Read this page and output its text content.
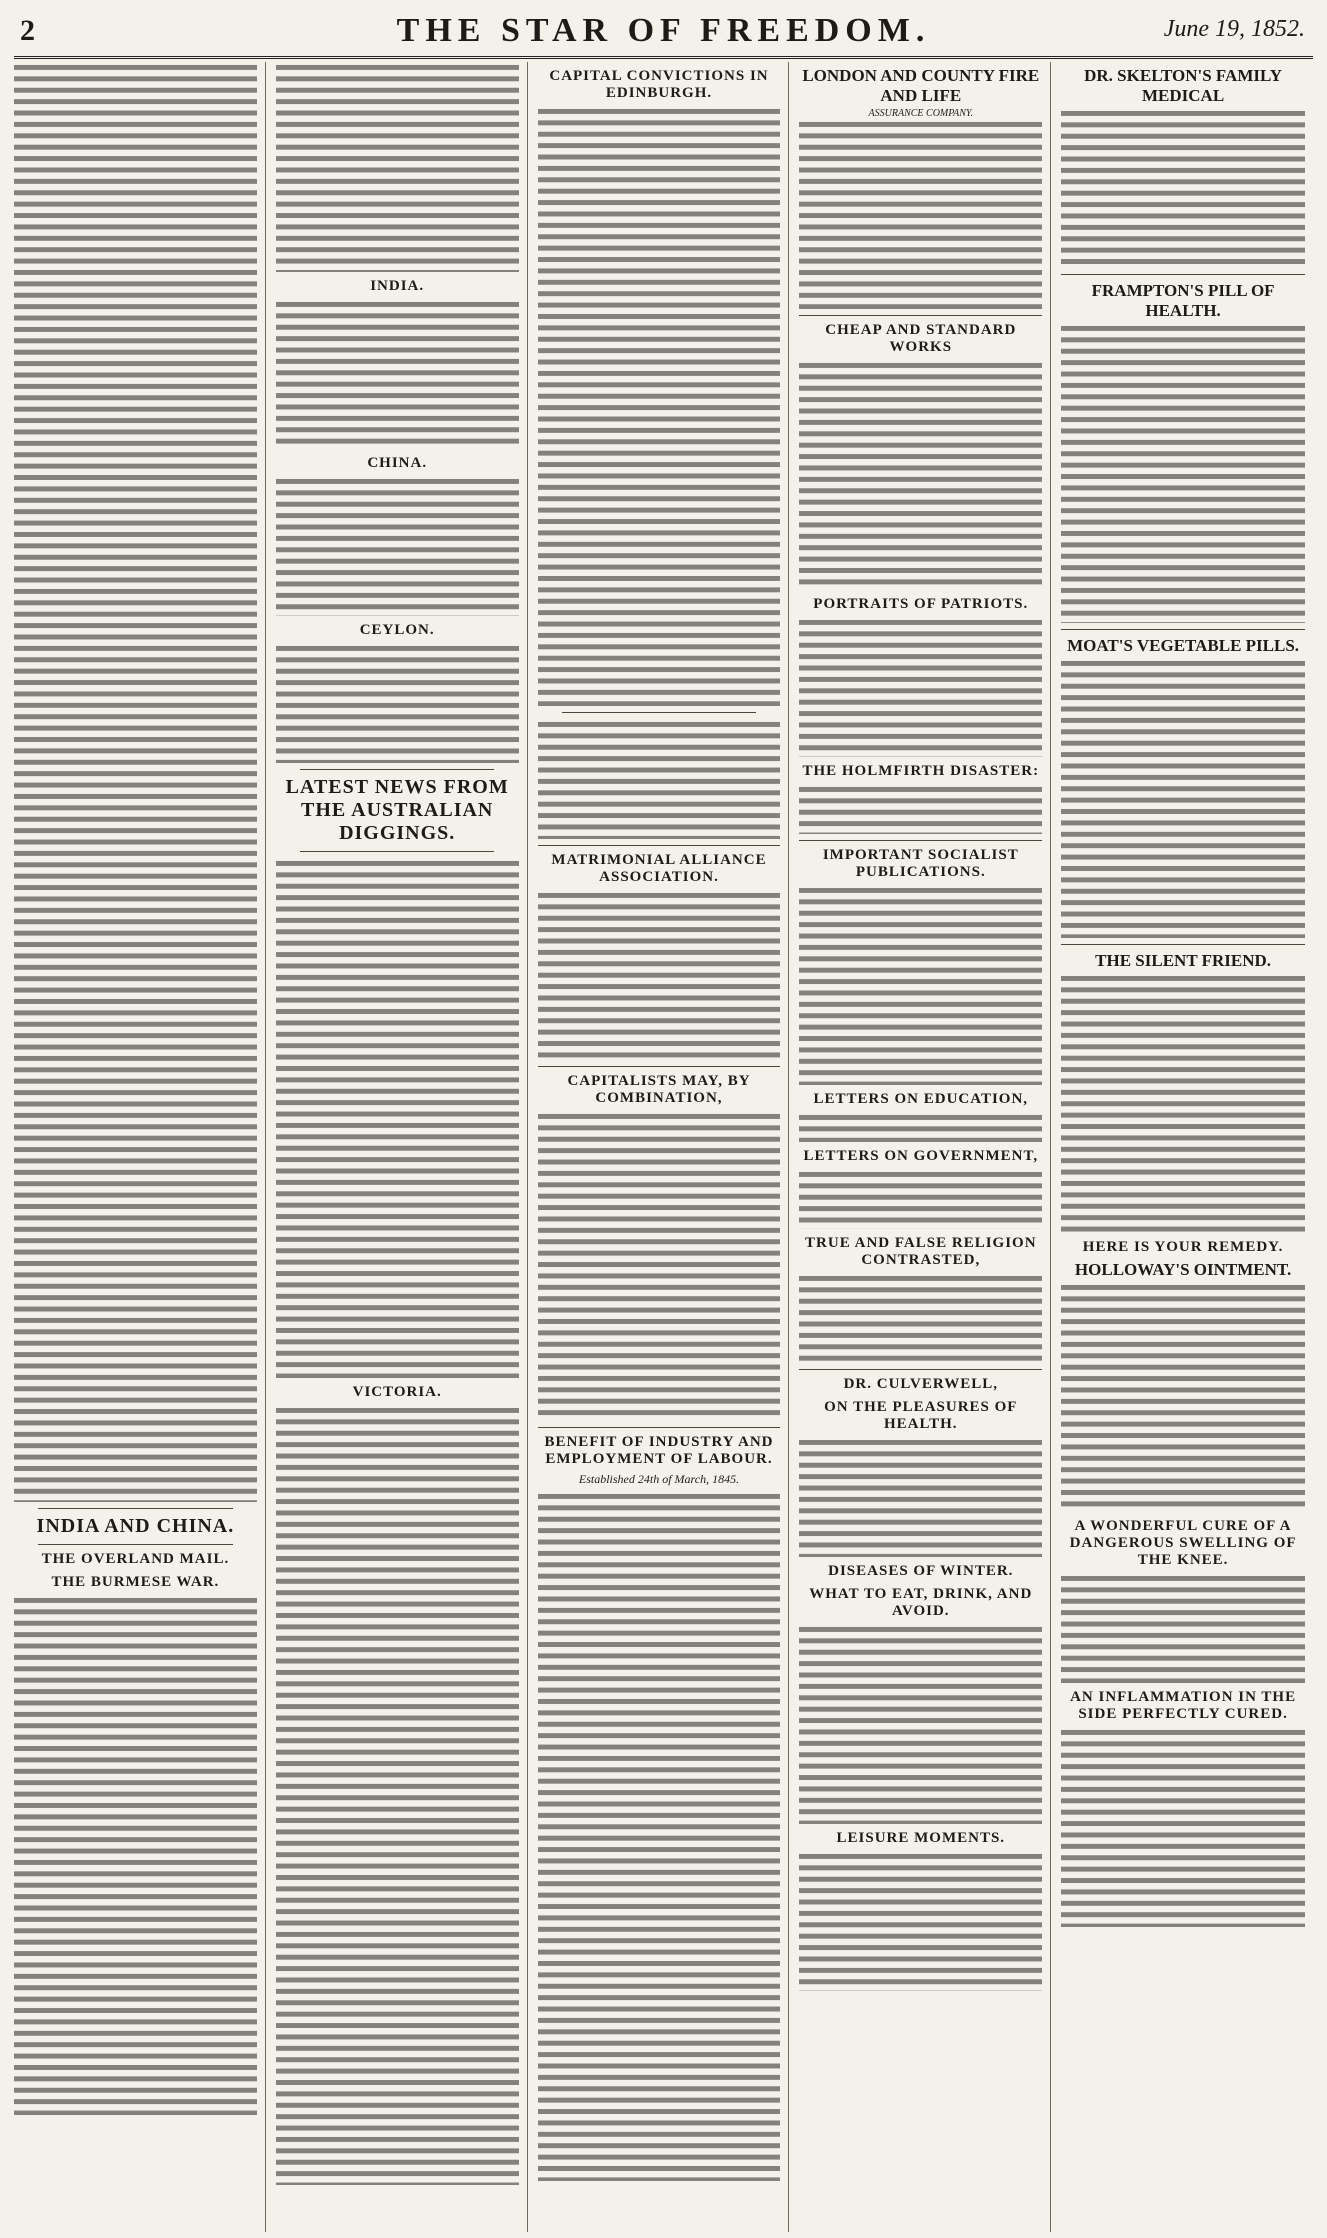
2	THE STAR OF FREEDOM.	June 19, 1852.
INDIA AND CHINA.
THE OVERLAND MAIL.
THE BURMESE WAR.
INDIA.
CHINA.
CEYLON.
LATEST NEWS FROM THE AUSTRALIAN DIGGINGS.
VICTORIA.
CAPITAL CONVICTIONS IN EDINBURGH.
MATRIMONIAL ALLIANCE ASSOCIATION.
CAPITALISTS MAY, BY COMBINATION,
BENEFIT OF INDUSTRY AND EMPLOYMENT OF LABOUR.
Established 24th of March, 1845.
LONDON AND COUNTY FIRE AND LIFE
ASSURANCE COMPANY.
CHEAP AND STANDARD WORKS
PORTRAITS OF PATRIOTS.
THE HOLMFIRTH DISASTER:
IMPORTANT SOCIALIST PUBLICATIONS.
LETTERS ON EDUCATION,
LETTERS ON GOVERNMENT,
TRUE AND FALSE RELIGION CONTRASTED,
DR. CULVERWELL,
ON THE PLEASURES OF HEALTH.
DISEASES OF WINTER.
WHAT TO EAT, DRINK, AND AVOID.
LEISURE MOMENTS.
DR. SKELTON'S FAMILY MEDICAL
FRAMPTON'S PILL OF HEALTH.
MOAT'S VEGETABLE PILLS.
THE SILENT FRIEND.
HERE IS YOUR REMEDY.
HOLLOWAY'S OINTMENT.
A WONDERFUL CURE OF A DANGEROUS SWELLING OF THE KNEE.
AN INFLAMMATION IN THE SIDE PERFECTLY CURED.
